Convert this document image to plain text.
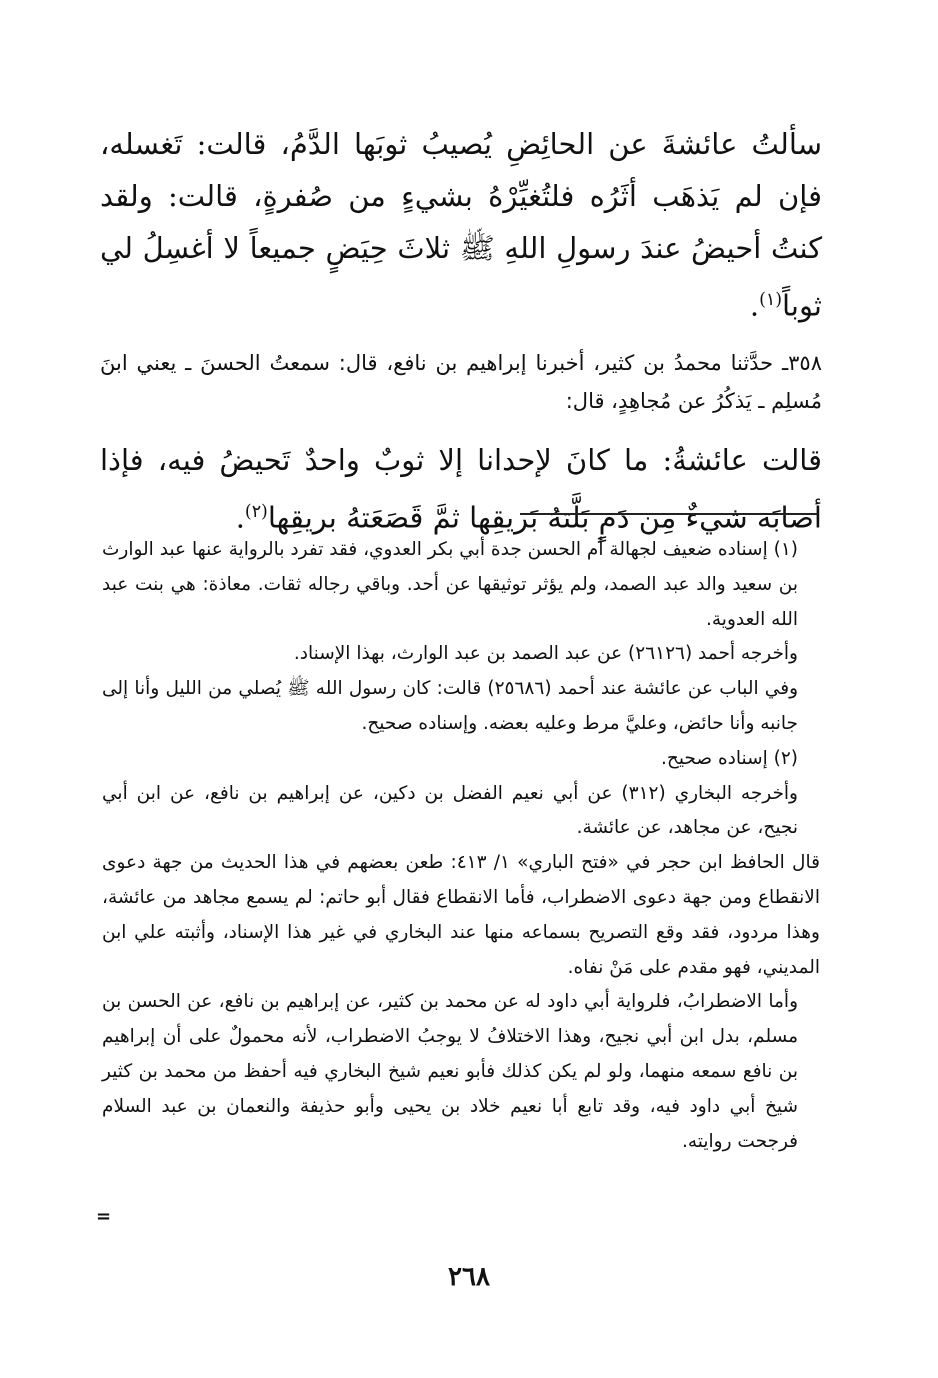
سألتُ عائشةَ عن الحائِضِ يُصيبُ ثوبَها الدَّمُ، قالت: تَغسله، فإن لم يَذهَب أثَرُه فلتُغيِّرْهُ بشيءٍ من صُفرةٍ، قالت: ولقد كنتُ أحيضُ عندَ رسولِ اللهِ ﷺ ثلاثَ حِيَضٍ جميعاً لا أغسِلُ لي ثوباً$^{(١)}$.

٣٥٨ـ حدَّثنا محمدُ بن كثير، أخبرنا إبراهيم بن نافع، قال: سمعتُ الحسنَ ـ يعني ابنَ مُسلِم ـ يَذكُرُ عن مُجاهِدٍ، قال:

قالت عائشةُ: ما كانَ لإحدانا إلا ثوبٌ واحدٌ تَحيضُ فيه، فإذا أصابَه شيءٌ مِن دَمٍ بَلَّتهُ بَريقِها ثمَّ قَصَعَتهُ بريقِها$^{(٢)}$.

(١) إسناده ضعيف لجهالة أم الحسن جدة أبي بكر العدوي، فقد تفرد بالرواية عنها عبد الوارث بن سعيد والد عبد الصمد، ولم يؤثر توثيقها عن أحد. وباقي رجاله ثقات. معاذة: هي بنت عبد الله العدوية.

وأخرجه أحمد (٢٦١٢٦) عن عبد الصمد بن عبد الوارث، بهذا الإسناد.

وفي الباب عن عائشة عند أحمد (٢٥٦٨٦) قالت: كان رسول الله ﷺ يُصلي من الليل وأنا إلى جانبه وأنا حائض، وعليَّ مرط وعليه بعضه. وإسناده صحيح.

(٢) إسناده صحيح.

وأخرجه البخاري (٣١٢) عن أبي نعيم الفضل بن دكين، عن إبراهيم بن نافع، عن ابن أبي نجيح، عن مجاهد، عن عائشة.

قال الحافظ ابن حجر في «فتح الباري» ١/ ٤١٣: طعن بعضهم في هذا الحديث من جهة دعوى الانقطاع ومن جهة دعوى الاضطراب، فأما الانقطاع فقال أبو حاتم: لم يسمع مجاهد من عائشة، وهذا مردود، فقد وقع التصريح بسماعه منها عند البخاري في غير هذا الإسناد، وأثبته علي ابن المديني، فهو مقدم على مَنْ نفاه.

وأما الاضطرابُ، فلرواية أبي داود له عن محمد بن كثير، عن إبراهيم بن نافع، عن الحسن بن مسلم، بدل ابن أبي نجيح، وهذا الاختلافُ لا يوجبُ الاضطراب، لأنه محمولٌ على أن إبراهيم بن نافع سمعه منهما، ولو لم يكن كذلك فأبو نعيم شيخ البخاري فيه أحفظ من محمد بن كثير شيخ أبي داود فيه، وقد تابع أبا نعيم خلاد بن يحيى وأبو حذيفة والنعمان بن عبد السلام فرجحت روايته.

=
٢٦٨
